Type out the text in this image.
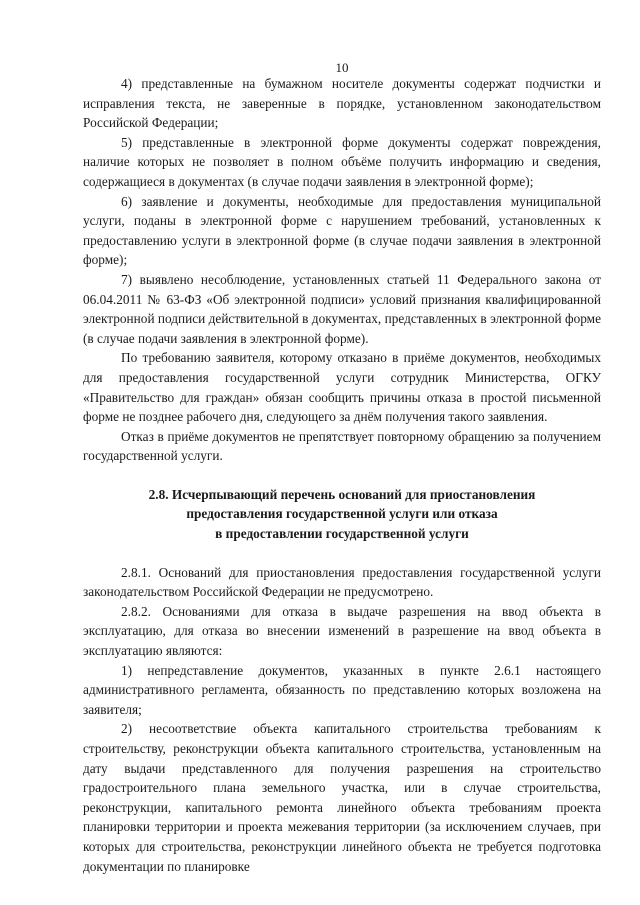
10

4) представленные на бумажном носителе документы содержат подчистки и исправления текста, не заверенные в порядке, установленном законодательством Российской Федерации;

5) представленные в электронной форме документы содержат повреждения, наличие которых не позволяет в полном объёме получить информацию и сведения, содержащиеся в документах (в случае подачи заявления в электронной форме);

6) заявление и документы, необходимые для предоставления муниципальной услуги, поданы в электронной форме с нарушением требований, установленных к предоставлению услуги в электронной форме (в случае подачи заявления в электронной форме);

7) выявлено несоблюдение, установленных статьей 11 Федерального закона от 06.04.2011 № 63-ФЗ «Об электронной подписи» условий признания квалифицированной электронной подписи действительной в документах, представленных в электронной форме (в случае подачи заявления в электронной форме).

По требованию заявителя, которому отказано в приёме документов, необходимых для предоставления государственной услуги сотрудник Министерства, ОГКУ «Правительство для граждан» обязан сообщить причины отказа в простой письменной форме не позднее рабочего дня, следующего за днём получения такого заявления.

Отказ в приёме документов не препятствует повторному обращению за получением государственной услуги.

2.8. Исчерпывающий перечень оснований для приостановления
предоставления государственной услуги или отказа
в предоставлении государственной услуги

2.8.1. Оснований для приостановления предоставления государственной услуги законодательством Российской Федерации не предусмотрено.

2.8.2. Основаниями для отказа в выдаче разрешения на ввод объекта в эксплуатацию, для отказа во внесении изменений в разрешение на ввод объекта в эксплуатацию являются:

1) непредставление документов, указанных в пункте 2.6.1 настоящего административного регламента, обязанность по представлению которых возложена на заявителя;

2) несоответствие объекта капитального строительства требованиям к строительству, реконструкции объекта капитального строительства, установленным на дату выдачи представленного для получения разрешения на строительство градостроительного плана земельного участка, или в случае строительства, реконструкции, капитального ремонта линейного объекта требованиям проекта планировки территории и проекта межевания территории (за исключением случаев, при которых для строительства, реконструкции линейного объекта не требуется подготовка документации по планировке
